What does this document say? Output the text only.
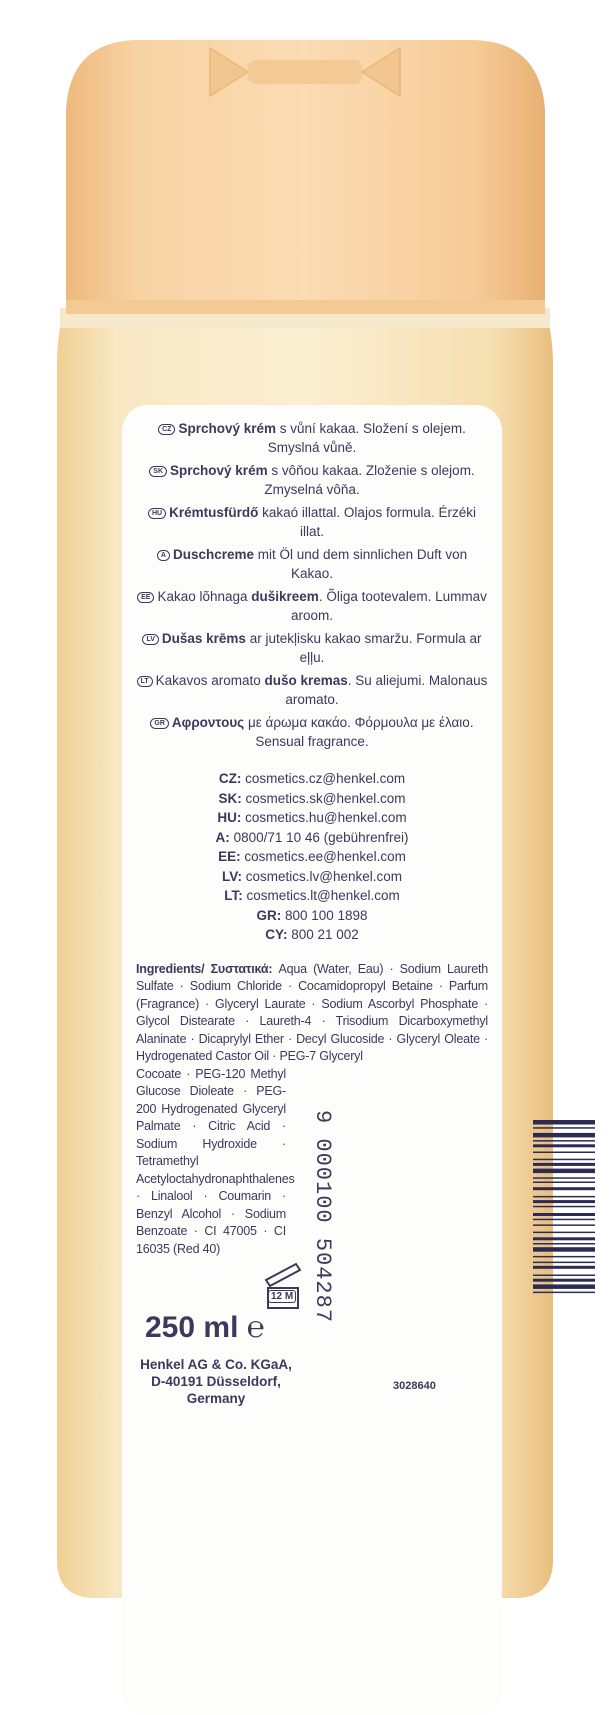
CZ Sprchový krém s vůní kakaa. Složení s olejem. Smyslná vůně.
SK Sprchový krém s vôňou kakaa. Zloženie s olejom. Zmyselná vôňa.
HU Krémtusfürdő kakaó illattal. Olajos formula. Érzéki illat.
A Duschcreme mit Öl und dem sinnlichen Duft von Kakao.
EE Kakao lõhnaga dušikreem. Õliga tootevalem. Lummav aroom.
LV Dušas krēms ar jutekļisku kakao smaržu. Formula ar eļļu.
LT Kakavos aromato dušo kremas. Su aliejumi. Malonaus aromato.
GR Αφροντους με άρωμα κακάο. Φόρμουλα με έλαιο. Sensual fragrance.
CZ: cosmetics.cz@henkel.com
SK: cosmetics.sk@henkel.com
HU: cosmetics.hu@henkel.com
A: 0800/71 10 46 (gebührenfrei)
EE: cosmetics.ee@henkel.com
LV: cosmetics.lv@henkel.com
LT: cosmetics.lt@henkel.com
GR: 800 100 1898
CY: 800 21 002
Ingredients/ Συστατικά: Aqua (Water, Eau) · Sodium Laureth Sulfate · Sodium Chloride · Cocamidopropyl Betaine · Parfum (Fragrance) · Glyceryl Laurate · Sodium Ascorbyl Phosphate · Glycol Distearate · Laureth-4 · Trisodium Dicarboxymethyl Alaninate · Dicaprylyl Ether · Decyl Glucoside · Glyceryl Oleate · Hydrogenated Castor Oil · PEG-7 Glyceryl
Cocoate · PEG-120 Methyl Glucose Dioleate · PEG-200 Hydrogenated Glyceryl Palmate · Citric Acid · Sodium Hydroxide · Tetramethyl Acetyloctahydronaphthalenes · Linalool · Coumarin · Benzyl Alcohol · Sodium Benzoate · CI 47005 · CI 16035 (Red 40)	9 000100 504287
12 M
250 ml ℮
Henkel AG & Co. KGaA,
D-40191 Düsseldorf,
Germany
3028640
